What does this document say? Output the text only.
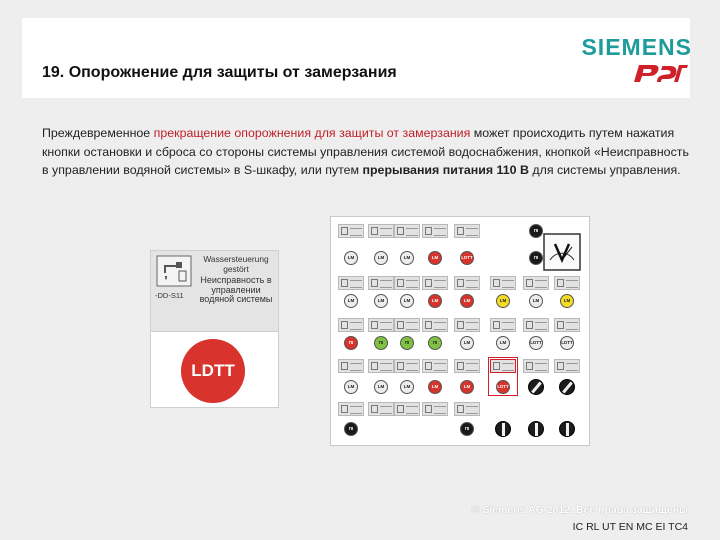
19. Опорожнение для защиты от замерзания
SIEMENS
Преждевременное прекращение опорожнения для защиты от замерзания может происходить путем нажатия кнопки остановки и сброса со стороны системы управления системой водоснабжения, кнопкой «Неисправность в управлении водяной системы» в S-шкафу, или путем прерывания питания 110 В для системы управления.
Wassersteuerung
gestört
Неисправность в
управлении
водяной системы
-DD-S11
LDTT
ΠΙ
LM	LM	LM	LM	LDTT	ΠΙ
LM	LM	LM	LM	LM	LM	LM	LM
ΠΙ	ΠΙ	ΠΙ	ΠΙ	LM	LM	LDTT	LDTT
LM	LM	LM	LM	LM	LDTT
ΠΙ	ΠΙ
© Siemens AG 2012. Все права защищены
IC RL UT EN MC EI TC4
